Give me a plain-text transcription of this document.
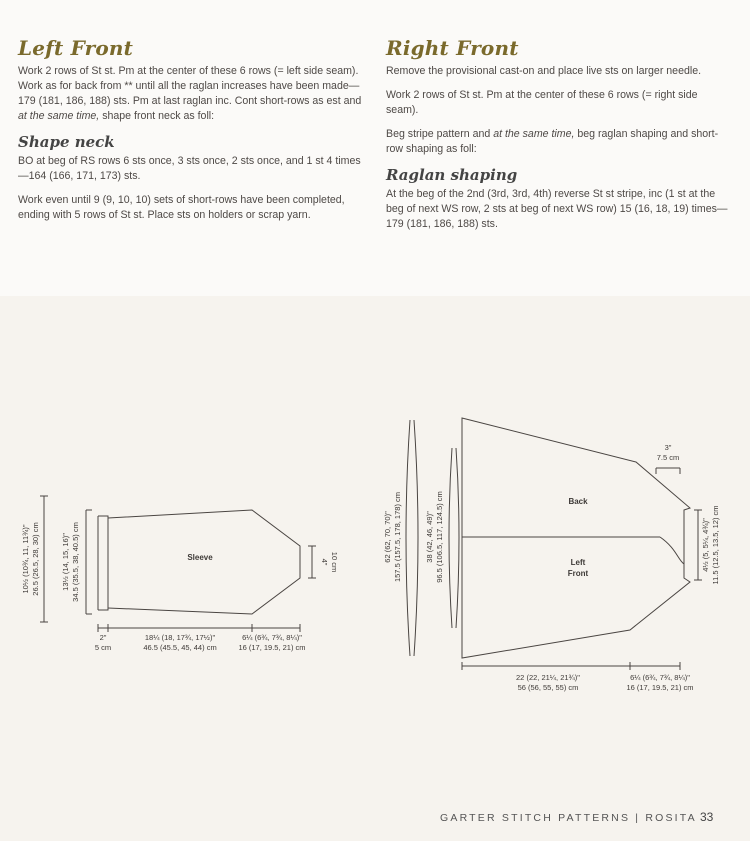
Left Front

Work 2 rows of St st. Pm at the center of these 6 rows (= left side seam). Work as for back from ** until all the raglan increases have been made—179 (181, 186, 188) sts. Pm at last raglan inc. Cont short-rows as est and at the same time, shape front neck as foll:

Shape neck

BO at beg of RS rows 6 sts once, 3 sts once, 2 sts once, and 1 st 4 times—164 (166, 171, 173) sts.

Work even until 9 (9, 10, 10) sets of short-rows have been completed, ending with 5 rows of St st. Place sts on holders or scrap yarn.

Right Front

Remove the provisional cast-on and place live sts on larger needle.

Work 2 rows of St st. Pm at the center of these 6 rows (= right side seam).

Beg stripe pattern and at the same time, beg raglan shaping and short-row shaping as foll:

Raglan shaping

At the beg of the 2nd (3rd, 3rd, 4th) reverse St st stripe, inc (1 st at the beg of next WS row, 2 sts at beg of next WS row) 15 (16, 18, 19) times—179 (181, 186, 188) sts.

Sleeve
10½ (10¾, 11, 11¾)" 26.5 (26.5, 28, 30) cm	13½ (14, 15, 16)" 34.5 (35.5, 38, 40.5) cm	4" 10 cm
2"
5 cm
18¼ (18, 17¾, 17½)"
46.5 (45.5, 45, 44) cm
6¼ (6¾, 7¾, 8¼)"
16 (17, 19.5, 21) cm
Back
Left
Front
62 (62, 70, 70)" 157.5 (157.5, 178, 178) cm	38 (42, 46, 49)" 96.5 (106.5, 117, 124.5) cm
3"
7.5 cm
4½ (5, 5¼, 4¾)" 11.5 (12.5, 13.5, 12) cm
22 (22, 21¼, 21¾)"
56 (56, 55, 55) cm
6¼ (6¾, 7¾, 8¼)"
16 (17, 19.5, 21) cm
GARTER STITCH PATTERNS | ROSITA 33
